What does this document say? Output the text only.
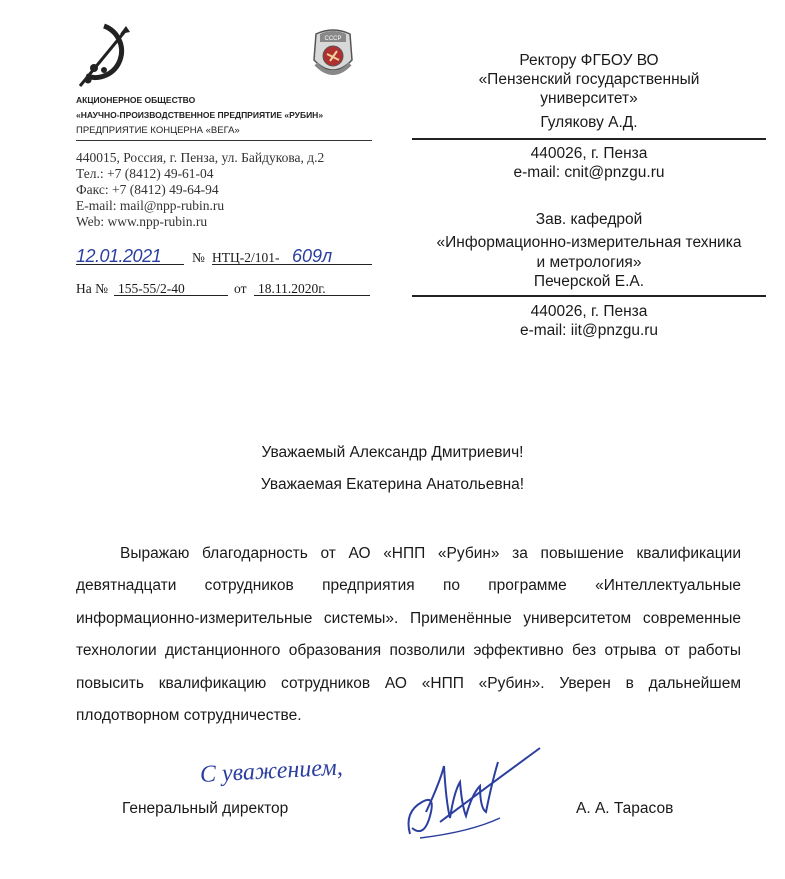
СССР
АКЦИОНЕРНОЕ ОБЩЕСТВО
«НАУЧНО-ПРОИЗВОДСТВЕННОЕ ПРЕДПРИЯТИЕ «РУБИН»
ПРЕДПРИЯТИЕ КОНЦЕРНА «ВЕГА»
440015, Россия, г. Пенза, ул. Байдукова, д.2
Тел.: +7 (8412) 49-61-04
Факс: +7 (8412) 49-64-94
E-mail: mail@npp-rubin.ru
Web: www.npp-rubin.ru
12.01.2021 № НТЦ-2/101- 609л
На № 155-55/2-40	от 18.11.2020г.
Ректору ФГБОУ ВО
«Пензенский государственный
университет»
Гулякову А.Д.
440026, г. Пенза
e-mail: cnit@pnzgu.ru
Зав. кафедрой
«Информационно-измерительная техника
и метрология»
Печерской Е.А.
440026, г. Пенза
e-mail: iit@pnzgu.ru
Уважаемый Александр Дмитриевич!
Уважаемая Екатерина Анатольевна!

Выражаю благодарность от АО «НПП «Рубин» за повышение квалификации девятнадцати сотрудников предприятия по программе «Интеллектуальные информационно-измерительные системы». Применённые университетом современные технологии дистанционного образования позволили эффективно без отрыва от работы повысить квалификацию сотрудников АО «НПП «Рубин». Уверен в дальнейшем плодотворном сотрудничестве.

С уважением,
Генеральный директор	А. А. Тарасов
